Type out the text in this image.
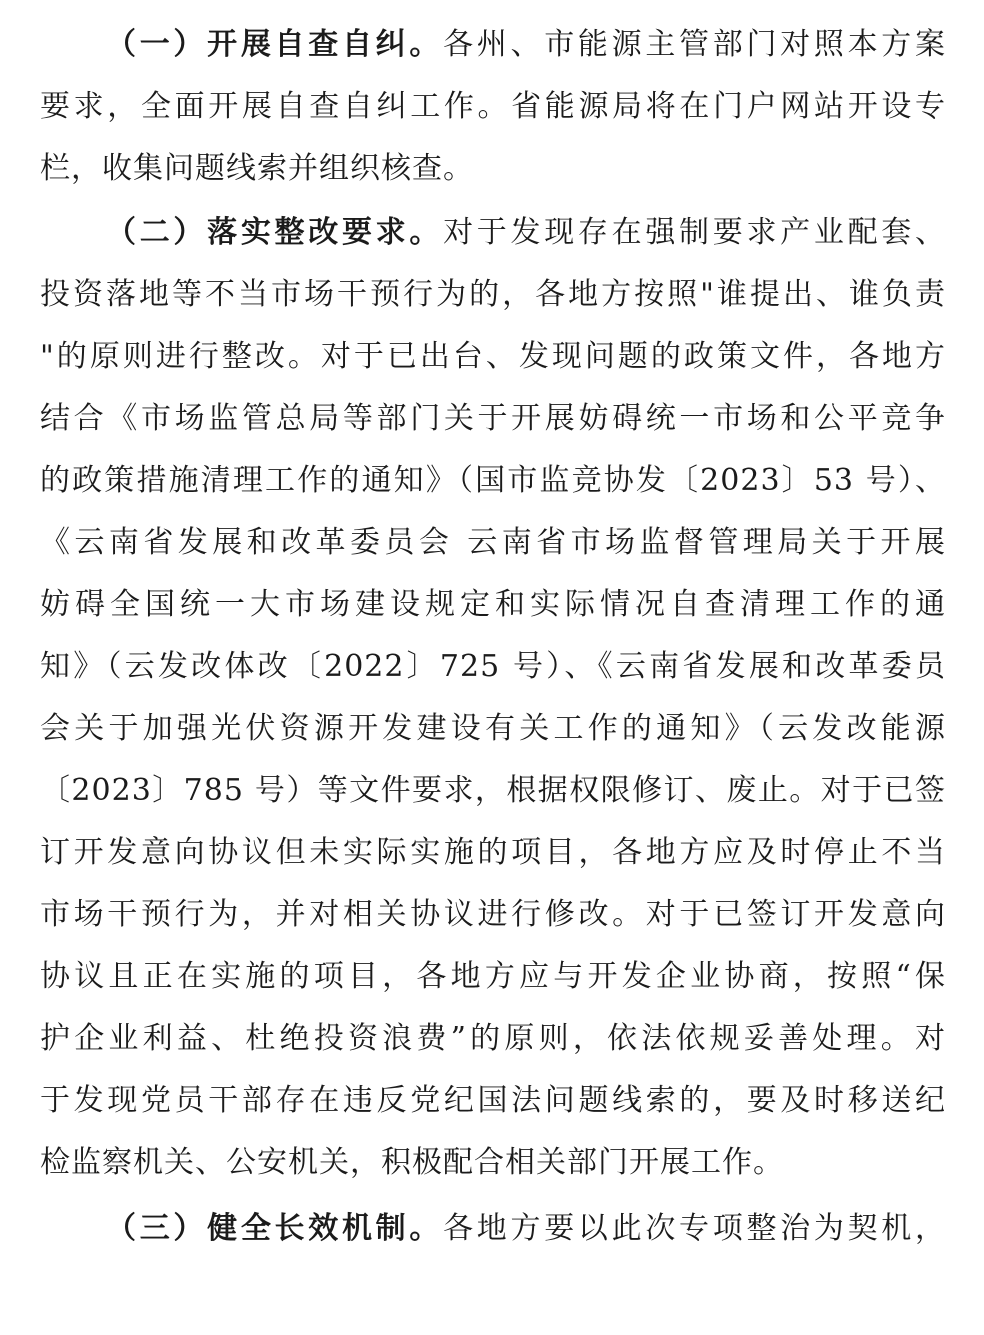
（一）开展自查自纠。各州、市能源主管部门对照本方案
要求，全面开展自查自纠工作。省能源局将在门户网站开设专
栏，收集问题线索并组织核查。
（二）落实整改要求。对于发现存在强制要求产业配套、
投资落地等不当市场干预行为的，各地方按照"谁提出、谁负责
"的原则进行整改。对于已出台、发现问题的政策文件，各地方
结合《市场监管总局等部门关于开展妨碍统一市场和公平竞争
的政策措施清理工作的通知》（国市监竞协发〔2023〕53 号）、
《云南省发展和改革委员会 云南省市场监督管理局关于开展
妨碍全国统一大市场建设规定和实际情况自查清理工作的通
知》（云发改体改〔2022〕725 号）、《云南省发展和改革委员
会关于加强光伏资源开发建设有关工作的通知》（云发改能源
〔2023〕785 号）等文件要求，根据权限修订、废止。对于已签
订开发意向协议但未实际实施的项目，各地方应及时停止不当
市场干预行为，并对相关协议进行修改。对于已签订开发意向
协议且正在实施的项目，各地方应与开发企业协商，按照“保
护企业利益、杜绝投资浪费”的原则，依法依规妥善处理。对
于发现党员干部存在违反党纪国法问题线索的，要及时移送纪
检监察机关、公安机关，积极配合相关部门开展工作。
（三）健全长效机制。各地方要以此次专项整治为契机，
